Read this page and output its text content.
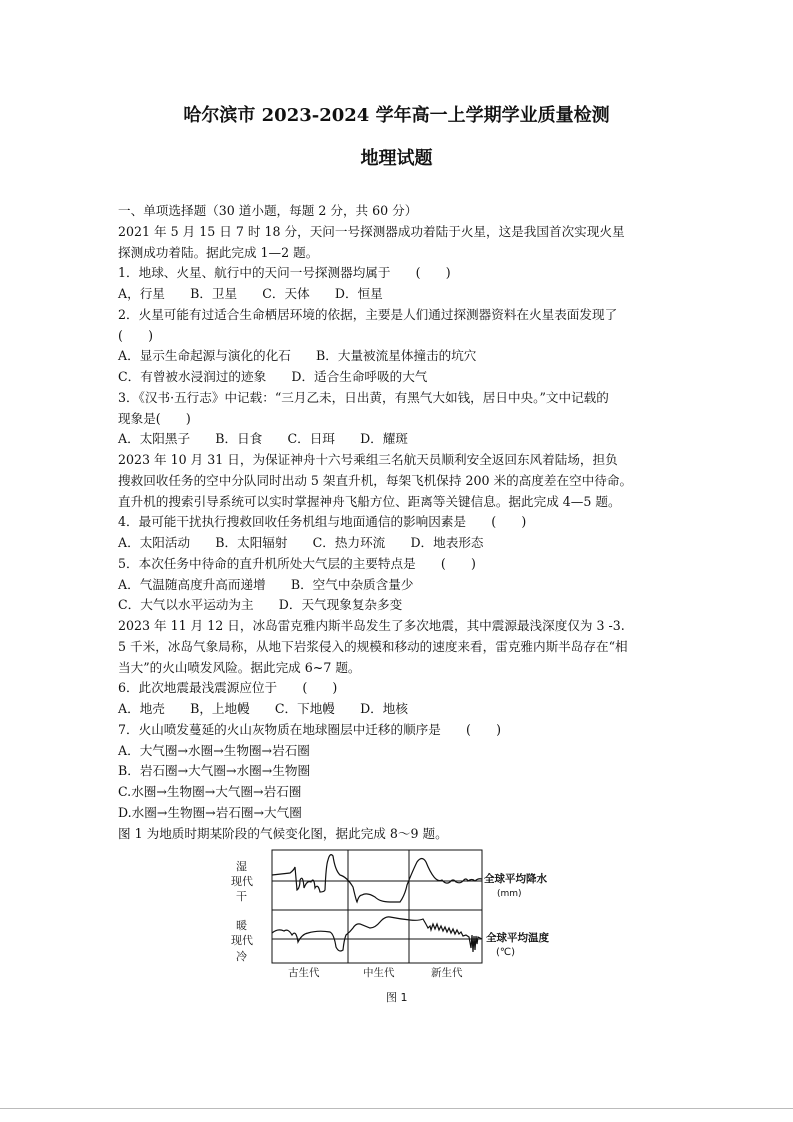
哈尔滨市 2023-2024 学年高一上学期学业质量检测
地理试题
一、单项选择题（30 道小题，每题 2 分，共 60 分）
2021 年 5 月 15 日 7 时 18 分，天问一号探测器成功着陆于火星，这是我国首次实现火星
探测成功着陆。据此完成 1—2 题。
1．地球、火星、航行中的天问一号探测器均属于　　(　　)
A，行星　　B．卫星　　C．天体　　D．恒星
2．火星可能有过适合生命栖居环境的依据，主要是人们通过探测器资料在火星表面发现了
(　　)
A．显示生命起源与演化的化石　　B．大量被流星体撞击的坑穴
C．有曾被水浸润过的迹象　　D．适合生命呼吸的大气
3．《汉书·五行志》中记载：“三月乙未，日出黄，有黑气大如钱，居日中央。”文中记载的
现象是(　　)
A．太阳黑子　　B．日食　　C．日珥　　D．耀斑
2023 年 10 月 31 日，为保证神舟十六号乘组三名航天员顺利安全返回东风着陆场，担负
搜救回收任务的空中分队同时出动 5 架直升机，每架飞机保持 200 米的高度差在空中待命。
直升机的搜索引导系统可以实时掌握神舟飞船方位、距离等关键信息。据此完成 4—5 题。
4．最可能干扰执行搜救回收任务机组与地面通信的影响因素是　　(　　)
A．太阳活动　　B．太阳辐射　　C．热力环流　　D．地表形态
5．本次任务中待命的直升机所处大气层的主要特点是　　(　　)
A．气温随高度升高而递增　　B．空气中杂质含量少
C．大气以水平运动为主　　D．天气现象复杂多变
2023 年 11 月 12 日，冰岛雷克雅内斯半岛发生了多次地震，其中震源最浅深度仅为 3 -3.
5 千米，冰岛气象局称，从地下岩浆侵入的规模和移动的速度来看，雷克雅内斯半岛存在“相
当大”的火山喷发风险。据此完成 6~7 题。
6．此次地震最浅震源应位于　　(　　)
A．地壳　　B，上地幔　　C．下地幔　　D．地核
7．火山喷发蔓延的火山灰物质在地球圈层中迁移的顺序是　　(　　)
A．大气圈→水圈→生物圈→岩石圈
B．岩石圈→大气圈→水圈→生物圈
C.水圈→生物圈→大气圈→岩石圈
D.水圈→生物圈→岩石圈→大气圈
图 1 为地质时期某阶段的气候变化图，据此完成 8～9 题。
湿
现代
干
暖
现代
冷
全球平均降水
(mm)
全球平均温度
(℃)
古生代	中生代	新生代
图 1
